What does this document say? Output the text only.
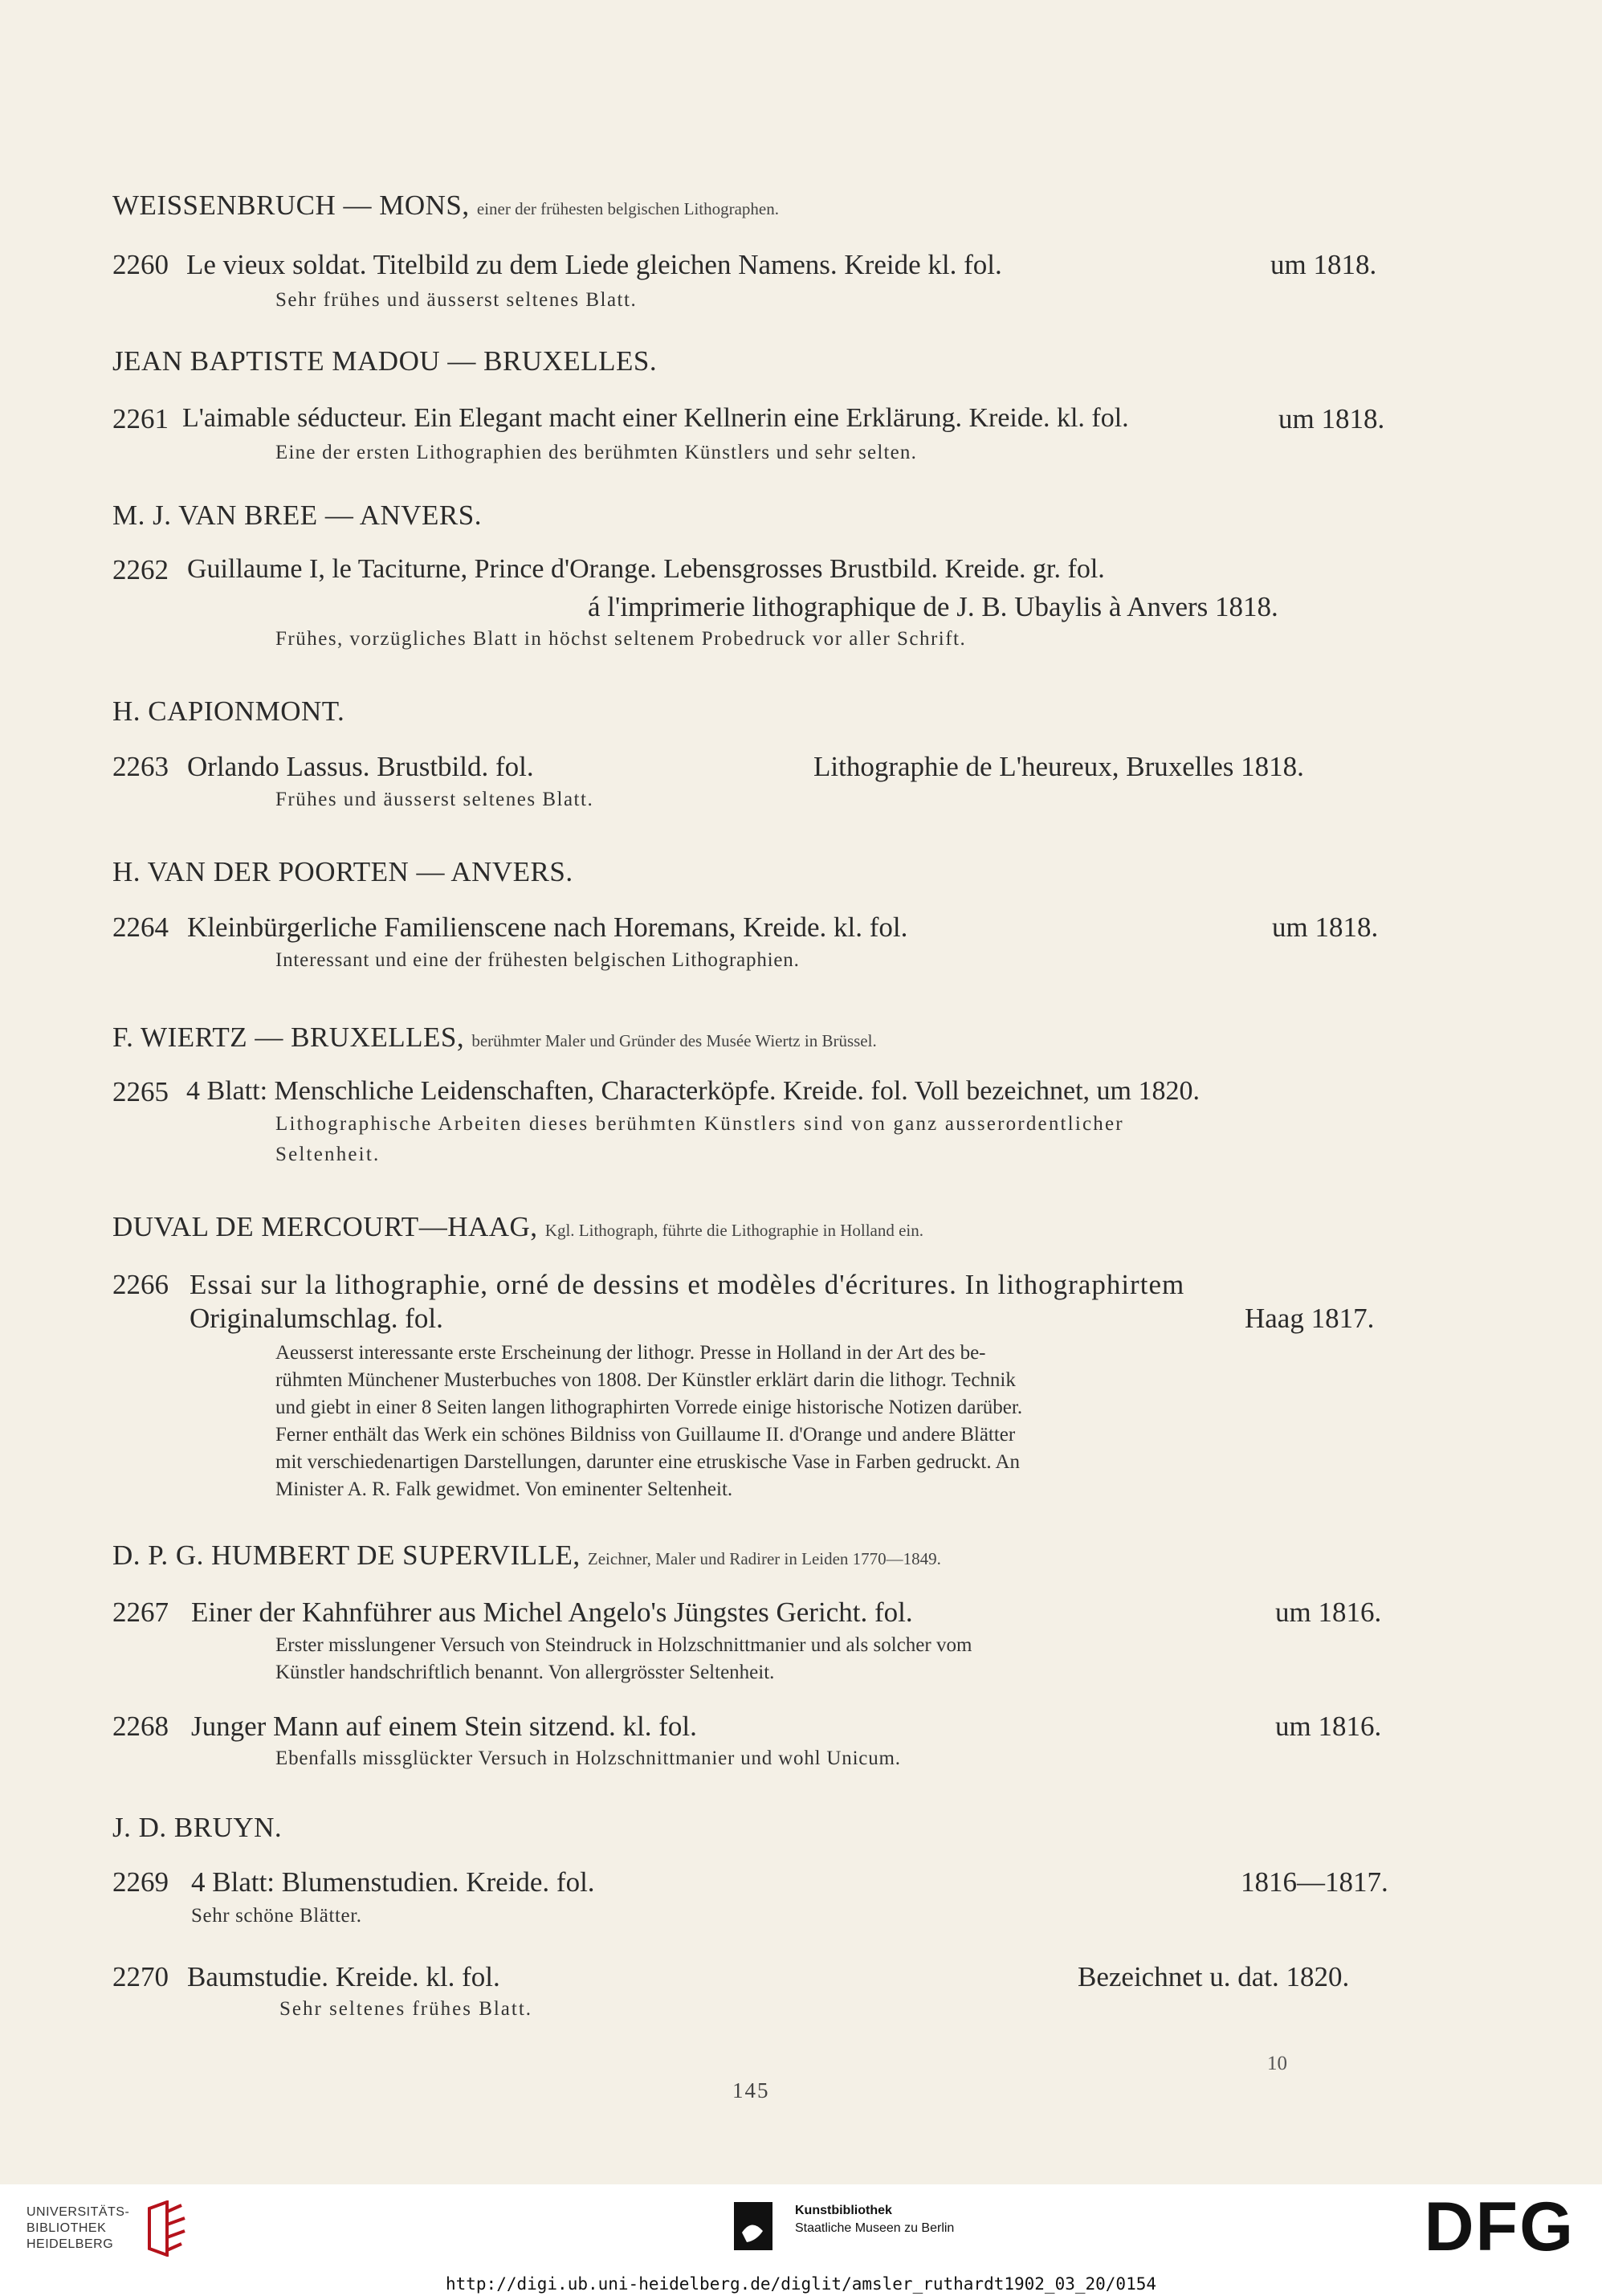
WEISSENBRUCH — MONS, einer der frühesten belgischen Lithographen.
2260 Le vieux soldat. Titelbild zu dem Liede gleichen Namens. Kreide kl. fol.	um 1818.
Sehr frühes und äusserst seltenes Blatt.
JEAN BAPTISTE MADOU — BRUXELLES.
2261 L'aimable séducteur. Ein Elegant macht einer Kellnerin eine Erklärung. Kreide. kl. fol.	um 1818.
Eine der ersten Lithographien des berühmten Künstlers und sehr selten.
M. J. VAN BREE — ANVERS.
2262 Guillaume I, le Taciturne, Prince d'Orange. Lebensgrosses Brustbild. Kreide. gr. fol.
á l'imprimerie lithographique de J. B. Ubaylis à Anvers 1818.
Frühes, vorzügliches Blatt in höchst seltenem Probedruck vor aller Schrift.
H. CAPIONMONT.
2263 Orlando Lassus. Brustbild. fol.	Lithographie de L'heureux, Bruxelles 1818.
Frühes und äusserst seltenes Blatt.
H. VAN DER POORTEN — ANVERS.
2264 Kleinbürgerliche Familienscene nach Horemans, Kreide. kl. fol.	um 1818.
Interessant und eine der frühesten belgischen Lithographien.
F. WIERTZ — BRUXELLES, berühmter Maler und Gründer des Musée Wiertz in Brüssel.
2265 4 Blatt: Menschliche Leidenschaften, Characterköpfe. Kreide. fol. Voll bezeichnet, um 1820.
Lithographische Arbeiten dieses berühmten Künstlers sind von ganz ausserordentlicher
Seltenheit.
DUVAL DE MERCOURT—HAAG, Kgl. Lithograph, führte die Lithographie in Holland ein.
2266 Essai sur la lithographie, orné de dessins et modèles d'écritures. In lithographirtem
Originalumschlag. fol.	Haag 1817.
Aeusserst interessante erste Erscheinung der lithogr. Presse in Holland in der Art des be-
rühmten Münchener Musterbuches von 1808. Der Künstler erklärt darin die lithogr. Technik
und giebt in einer 8 Seiten langen lithographirten Vorrede einige historische Notizen darüber.
Ferner enthält das Werk ein schönes Bildniss von Guillaume II. d'Orange und andere Blätter
mit verschiedenartigen Darstellungen, darunter eine etruskische Vase in Farben gedruckt. An
Minister A. R. Falk gewidmet. Von eminenter Seltenheit.
D. P. G. HUMBERT DE SUPERVILLE, Zeichner, Maler und Radirer in Leiden 1770—1849.
2267 Einer der Kahnführer aus Michel Angelo's Jüngstes Gericht. fol.	um 1816.
Erster misslungener Versuch von Steindruck in Holzschnittmanier und als solcher vom
Künstler handschriftlich benannt. Von allergrösster Seltenheit.
2268 Junger Mann auf einem Stein sitzend. kl. fol.	um 1816.
Ebenfalls missglückter Versuch in Holzschnittmanier und wohl Unicum.
J. D. BRUYN.
2269 4 Blatt: Blumenstudien. Kreide. fol.	1816—1817.
Sehr schöne Blätter.
2270 Baumstudie. Kreide. kl. fol.	Bezeichnet u. dat. 1820.
Sehr seltenes frühes Blatt.
10
145
UNIVERSITÄTS-
BIBLIOTHEK
HEIDELBERG
Kunstbibliothek
Staatliche Museen zu Berlin	DFG
http://digi.ub.uni-heidelberg.de/diglit/amsler_ruthardt1902_03_20/0154
